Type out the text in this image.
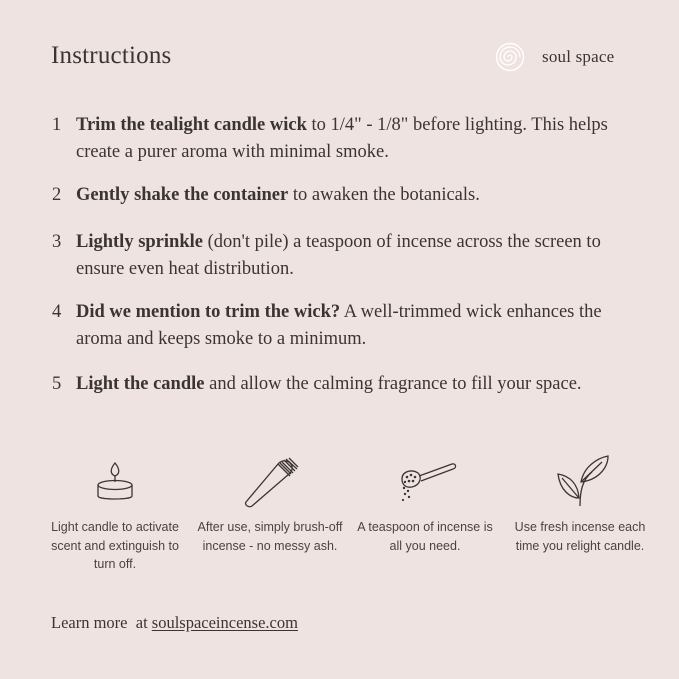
Instructions	soul space
1 Trim the tealight candle wick to 1/4" - 1/8" before lighting. This helps create a purer aroma with minimal smoke.
2 Gently shake the container to awaken the botanicals.
3 Lightly sprinkle (don't pile) a teaspoon of incense across the screen to ensure even heat distribution.
4 Did we mention to trim the wick? A well-trimmed wick enhances the aroma and keeps smoke to a minimum.
5 Light the candle and allow the calming fragrance to fill your space.
Light candle to activate scent and extinguish to turn off.
After use, simply brush-off incense - no messy ash.
A teaspoon of incense is all you need.
Use fresh incense each time you relight candle.
Learn more  at soulspaceincense.com
